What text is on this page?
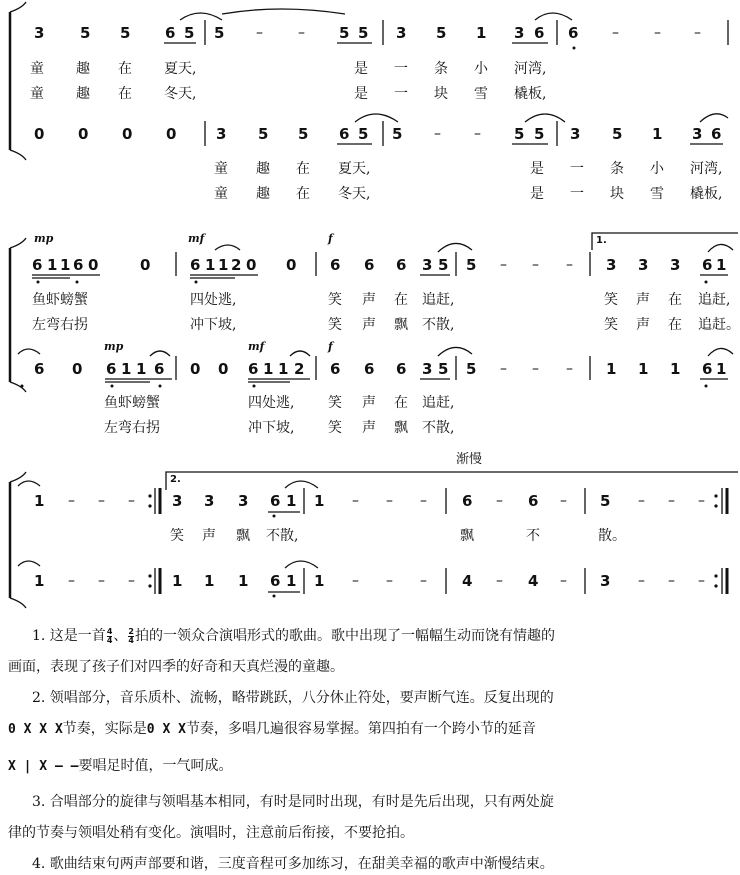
3 5 5 6 5 5 –	– 5 5 3 5 1 3 6 6 –	– –
童 趣 在 夏天,	是 一 条 小 河湾,
童 趣 在 冬天,	是 一 块 雪 橇板,
0 0 0 0	3 5 5 6 5 5 – – 5 5 3 5 1 3 6
童 趣 在 夏天,	是 一 条 小 河湾,
童 趣 在 冬天,	是 一 块 雪 橇板,
mp	mf	f	1.
6 1 1 6 0	0	6 1 1 2 0 0 6 6 6 3 5 5 – – – 3 3 3 6 1
鱼虾螃蟹	四处逃,	笑 声 在 追赶,	笑 声 在 追赶,
左弯右拐	冲下坡,	笑 声 飘 不散,	笑 声 在 追赶。
mp	mf	f
6 0 6 1 1 6 0 0 6 1 1 2 6 6 6 3 5 5 – – – 1 1 1 6 1
鱼虾螃蟹	四处逃, 笑 声 在 追赶,
左弯右拐	冲下坡, 笑 声 飘 不散,
渐慢
2.
1 – – – 3 3 3 6 1 1 – – – 6 – 6 – 5 – – –
笑 声 飘 不散,	飘	不	散。
1 – – – 1 1 1 6 1 1 – – – 4 – 4 – 3 – – –

1. 这是一首 $\frac{4}{4}$ 、 $\frac{2}{4}$ 拍的一领众合演唱形式的歌曲。歌中出现了一幅幅生动而饶有情趣的

画面，表现了孩子们对四季的好奇和天真烂漫的童趣。

2. 领唱部分，音乐质朴、流畅，略带跳跃，八分休止符处，要声断气连。反复出现的

0 X X X节奏，实际是0 X X节奏，多唱几遍很容易掌握。第四拍有一个跨小节的延音

X | X – –要唱足时值，一气呵成。

3. 合唱部分的旋律与领唱基本相同，有时是同时出现，有时是先后出现，只有两处旋

律的节奏与领唱处稍有变化。演唱时，注意前后衔接，不要抢拍。

4. 歌曲结束句两声部要和谐，三度音程可多加练习，在甜美幸福的歌声中渐慢结束。
